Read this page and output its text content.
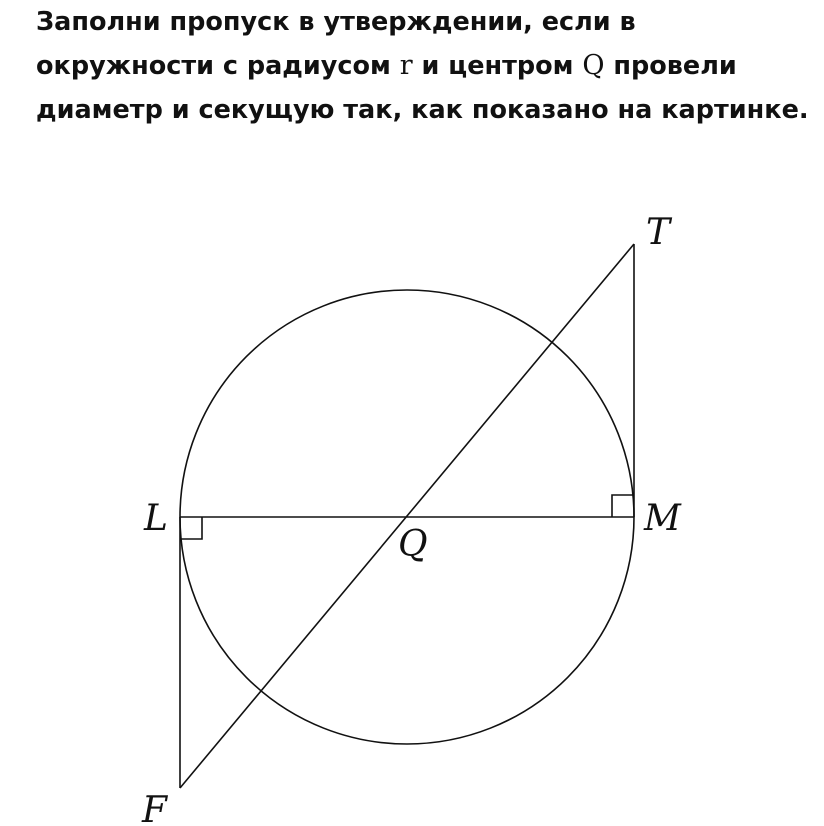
Заполни пропуск в утверждении, если в окружности с радиусом r и центром Q провели диаметр и секущую так, как показано на картинке.

T
L	M
Q
F
